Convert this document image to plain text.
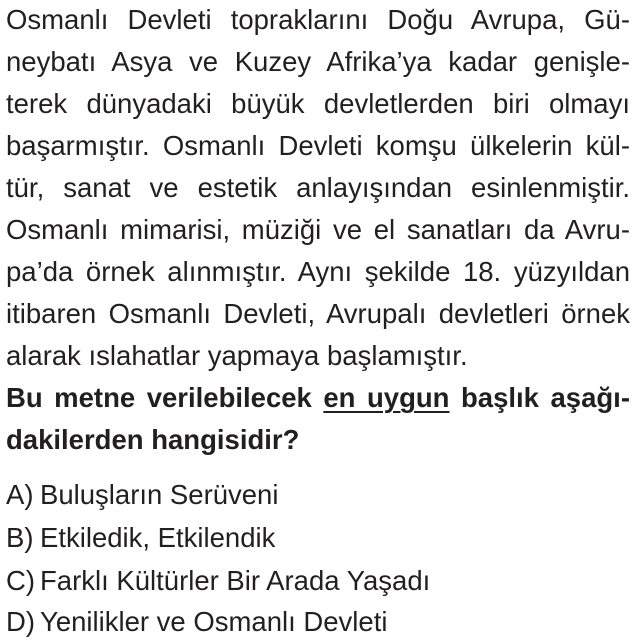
Osmanlı Devleti topraklarını Doğu Avrupa, Gü-
neybatı Asya ve Kuzey Afrika’ya kadar genişle-
terek dünyadaki büyük devletlerden biri olmayı
başarmıştır. Osmanlı Devleti komşu ülkelerin kül-
tür, sanat ve estetik anlayışından esinlenmiştir.
Osmanlı mimarisi, müziği ve el sanatları da Avru-
pa’da örnek alınmıştır. Aynı şekilde 18. yüzyıldan
itibaren Osmanlı Devleti, Avrupalı devletleri örnek
alarak ıslahatlar yapmaya başlamıştır.
Bu metne verilebilecek en uygun başlık aşağı-
dakilerden hangisidir?
A) Buluşların Serüveni
B) Etkiledik, Etkilendik
C) Farklı Kültürler Bir Arada Yaşadı
D) Yenilikler ve Osmanlı Devleti
